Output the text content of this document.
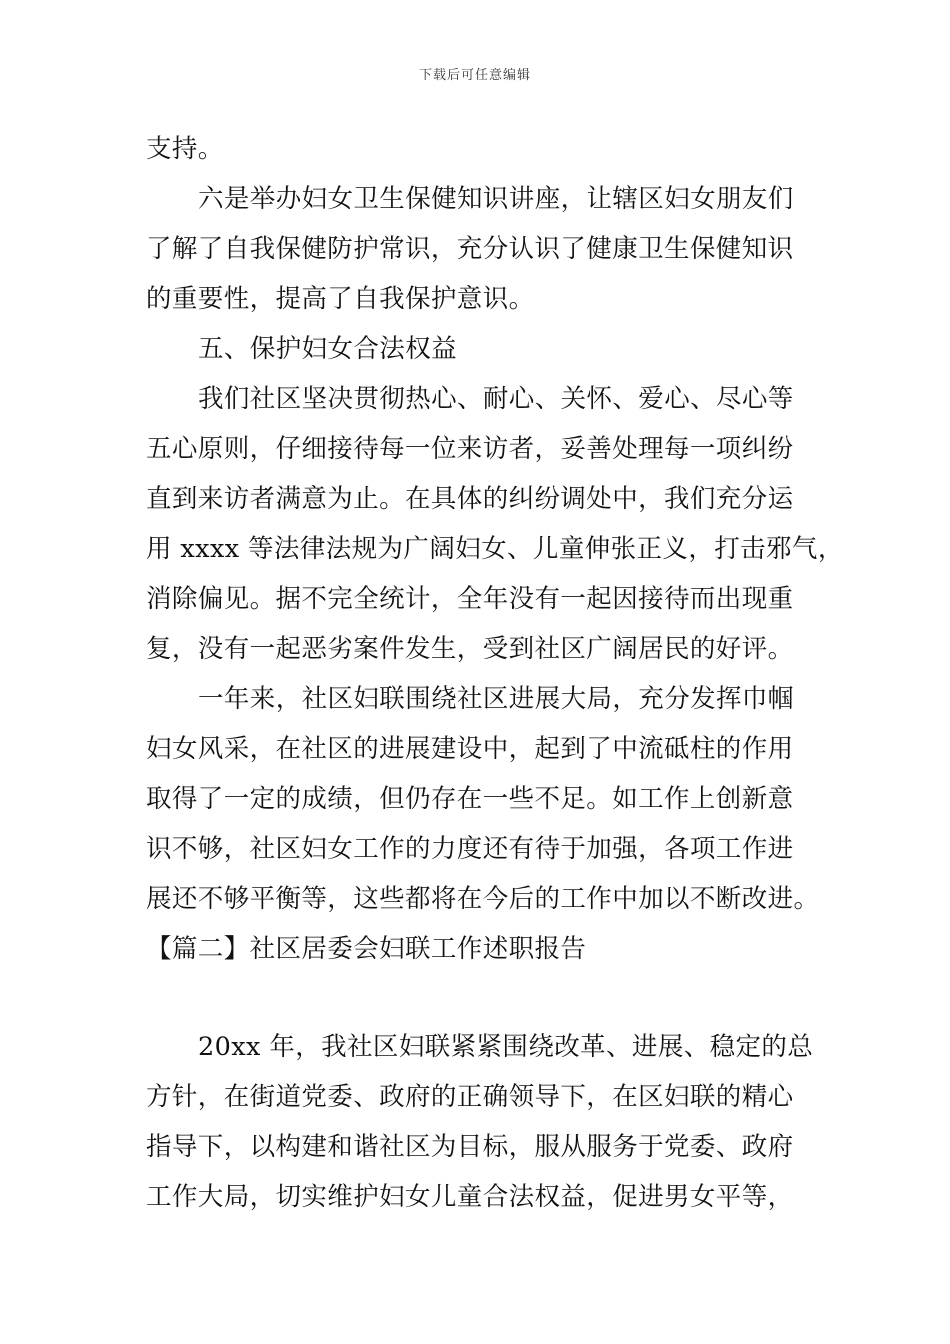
下载后可任意编辑
支持。
六是举办妇女卫生保健知识讲座，让辖区妇女朋友们
了解了自我保健防护常识，充分认识了健康卫生保健知识
的重要性，提高了自我保护意识。
五、保护妇女合法权益
我们社区坚决贯彻热心、耐心、关怀、爱心、尽心等
五心原则，仔细接待每一位来访者，妥善处理每一项纠纷
直到来访者满意为止。在具体的纠纷调处中，我们充分运
用 xxxx 等法律法规为广阔妇女、儿童伸张正义，打击邪气，
消除偏见。据不完全统计，全年没有一起因接待而出现重
复，没有一起恶劣案件发生，受到社区广阔居民的好评。
一年来，社区妇联围绕社区进展大局，充分发挥巾帼
妇女风采，在社区的进展建设中，起到了中流砥柱的作用
取得了一定的成绩，但仍存在一些不足。如工作上创新意
识不够，社区妇女工作的力度还有待于加强，各项工作进
展还不够平衡等，这些都将在今后的工作中加以不断改进。
【篇二】社区居委会妇联工作述职报告
20xx 年，我社区妇联紧紧围绕改革、进展、稳定的总
方针，在街道党委、政府的正确领导下，在区妇联的精心
指导下，以构建和谐社区为目标，服从服务于党委、政府
工作大局，切实维护妇女儿童合法权益，促进男女平等，
